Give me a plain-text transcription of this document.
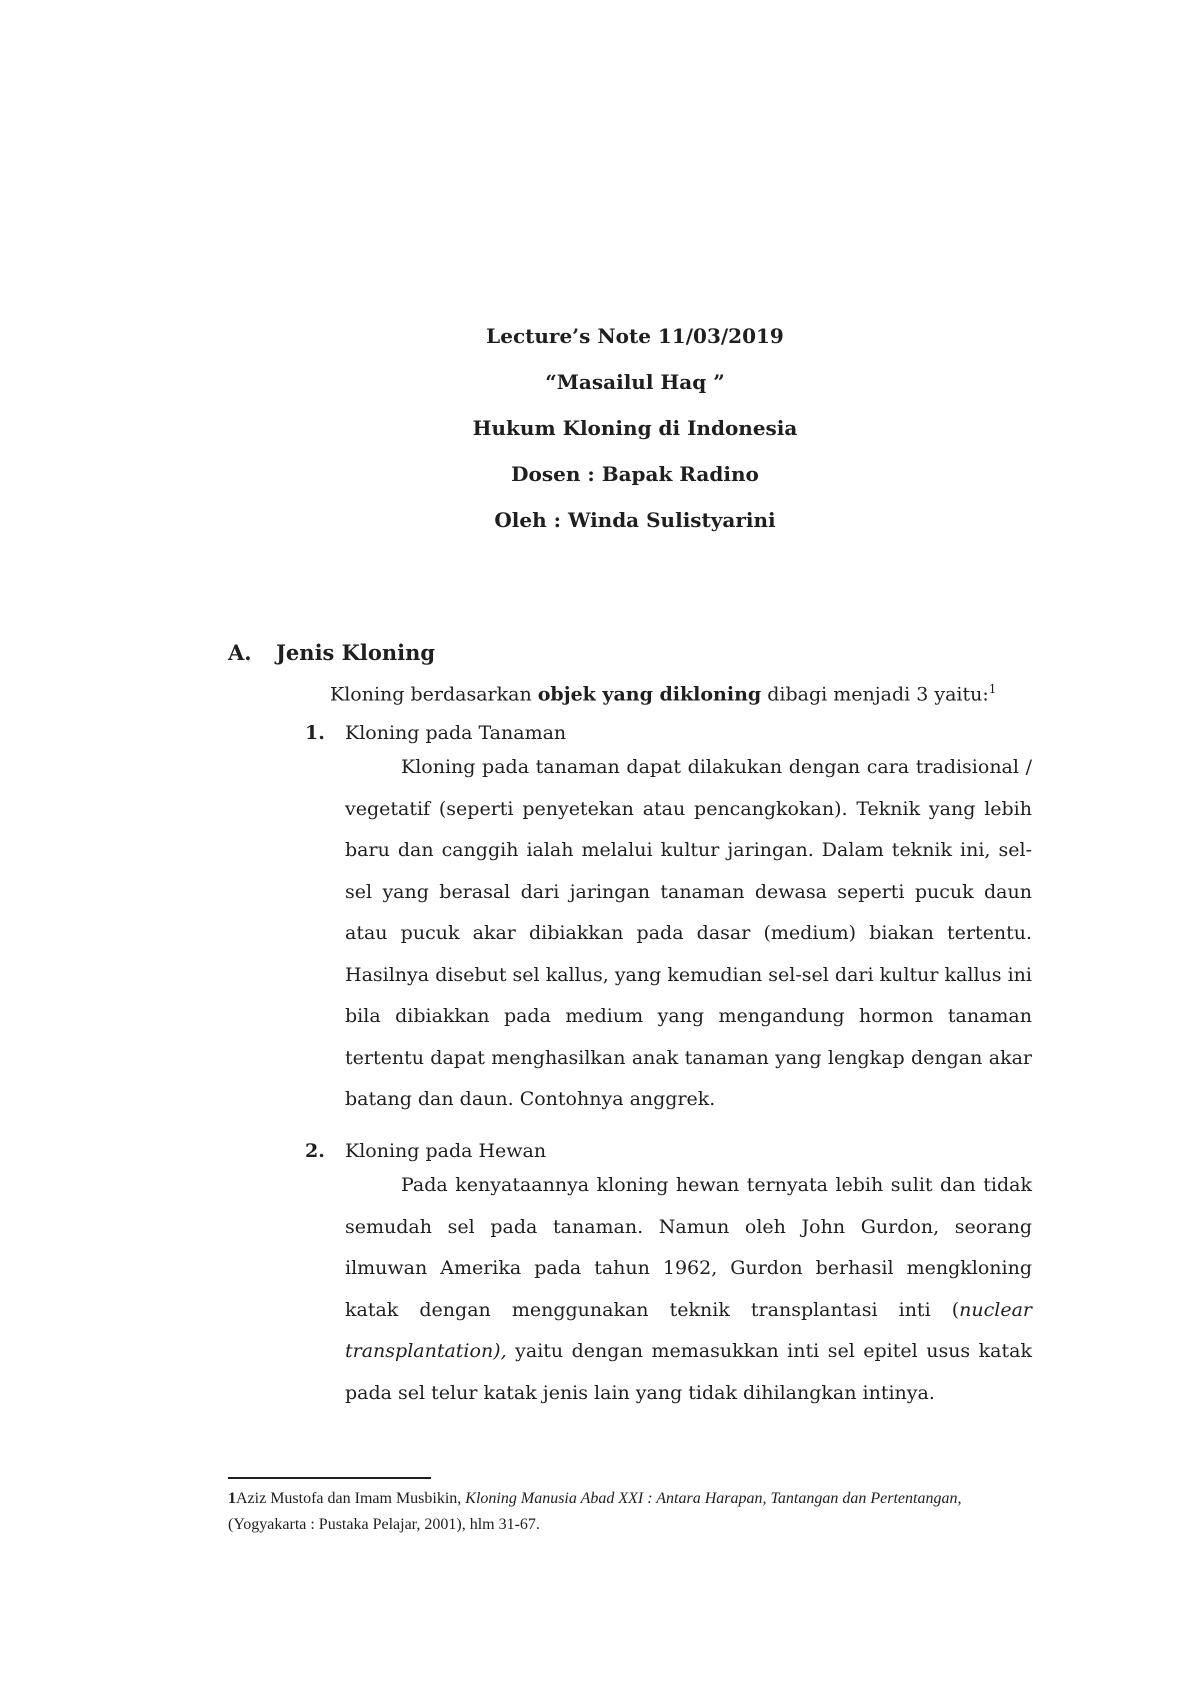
Lecture’s Note 11/03/2019
“Masailul Haq ”
Hukum Kloning di Indonesia
Dosen : Bapak Radino
Oleh : Winda Sulistyarini
A. Jenis Kloning
Kloning berdasarkan objek yang dikloning dibagi menjadi 3 yaitu:$^1$
1. Kloning pada Tanaman
Kloning pada tanaman dapat dilakukan dengan cara tradisional / vegetatif (seperti penyetekan atau pencangkokan). Teknik yang lebih baru dan canggih ialah melalui kultur jaringan. Dalam teknik ini, sel-sel yang berasal dari jaringan tanaman dewasa seperti pucuk daun atau pucuk akar dibiakkan pada dasar (medium) biakan tertentu. Hasilnya disebut sel kallus, yang kemudian sel-sel dari kultur kallus ini bila dibiakkan pada medium yang mengandung hormon tanaman tertentu dapat menghasilkan anak tanaman yang lengkap dengan akar batang dan daun. Contohnya anggrek.
2. Kloning pada Hewan
Pada kenyataannya kloning hewan ternyata lebih sulit dan tidak semudah sel pada tanaman. Namun oleh John Gurdon, seorang ilmuwan Amerika pada tahun 1962, Gurdon berhasil mengkloning katak dengan menggunakan teknik transplantasi inti (nuclear transplantation), yaitu dengan memasukkan inti sel epitel usus katak pada sel telur katak jenis lain yang tidak dihilangkan intinya.
1Aziz Mustofa dan Imam Musbikin, Kloning Manusia Abad XXI : Antara Harapan, Tantangan dan Pertentangan, (Yogyakarta : Pustaka Pelajar, 2001), hlm 31-67.
